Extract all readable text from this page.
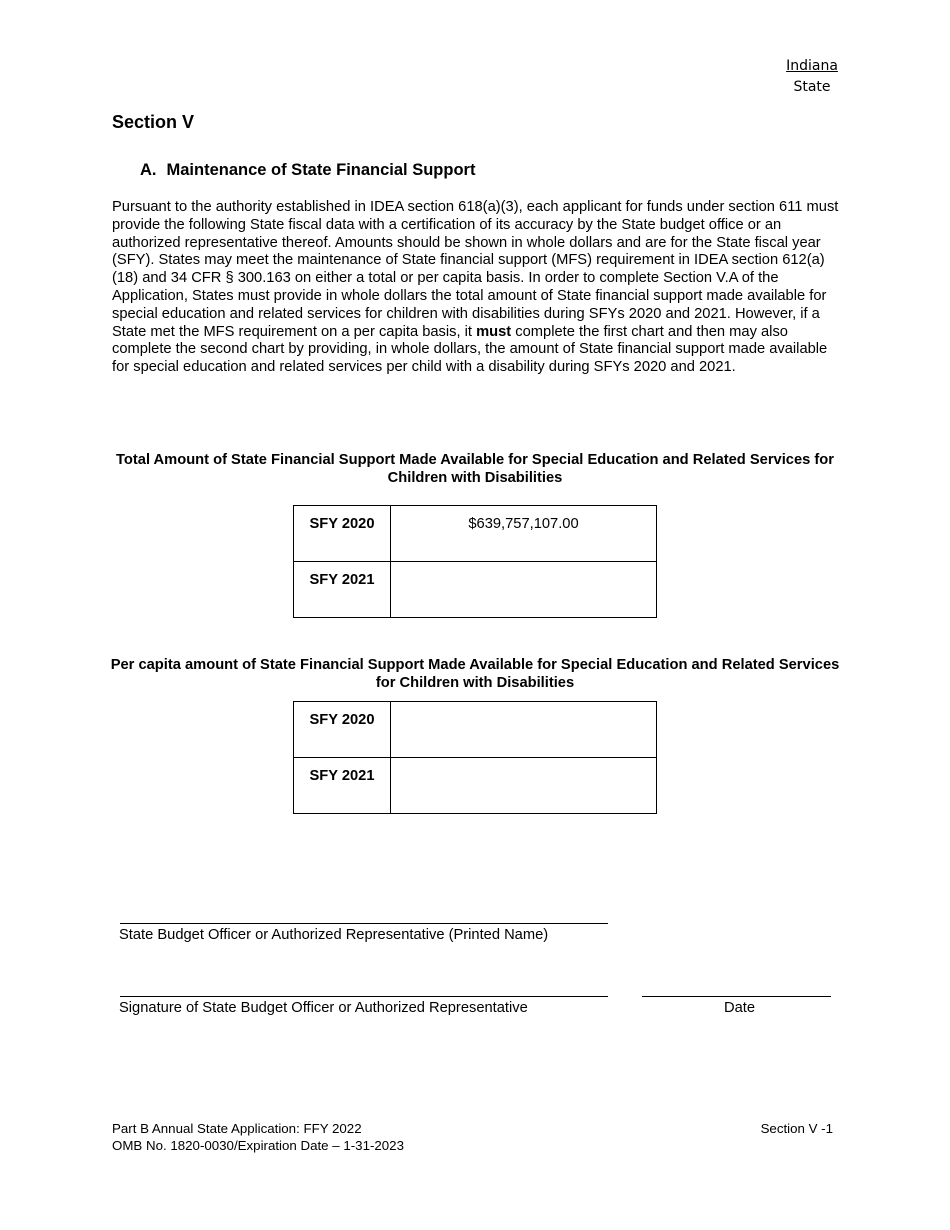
Indiana
State
Section V
A. Maintenance of State Financial Support

Pursuant to the authority established in IDEA section 618(a)(3), each applicant for funds under section 611 must provide the following State fiscal data with a certification of its accuracy by the State budget office or an authorized representative thereof. Amounts should be shown in whole dollars and are for the State fiscal year (SFY). States may meet the maintenance of State financial support (MFS) requirement in IDEA section 612(a)(18) and 34 CFR § 300.163 on either a total or per capita basis. In order to complete Section V.A of the Application, States must provide in whole dollars the total amount of State financial support made available for special education and related services for children with disabilities during SFYs 2020 and 2021. However, if a State met the MFS requirement on a per capita basis, it must complete the first chart and then may also complete the second chart by providing, in whole dollars, the amount of State financial support made available for special education and related services per child with a disability during SFYs 2020 and 2021.

Total Amount of State Financial Support Made Available for Special Education and Related Services for Children with Disabilities

SFY 2020	$639,757,107.00
SFY 2021	

Per capita amount of State Financial Support Made Available for Special Education and Related Services for Children with Disabilities

SFY 2020	
SFY 2021	

State Budget Officer or Authorized Representative (Printed Name)

Signature of State Budget Officer or Authorized Representative	Date

Part B Annual State Application: FFY 2022
OMB No. 1820-0030/Expiration Date – 1-31-2023
Section V -1
